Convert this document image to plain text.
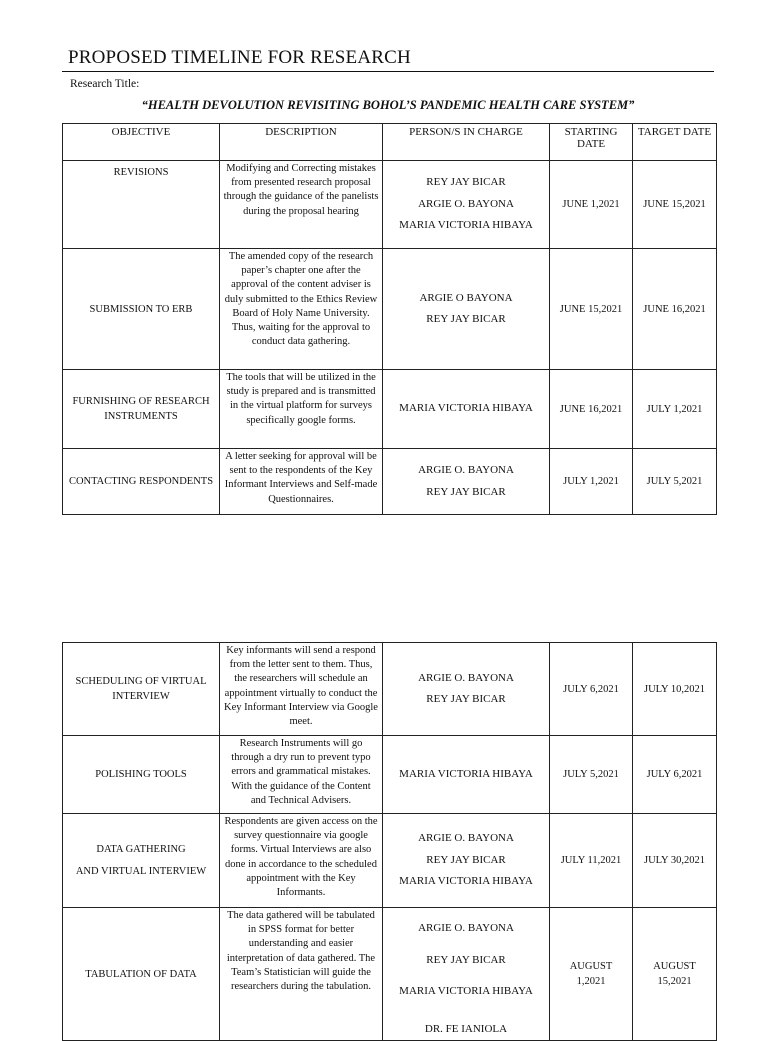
PROPOSED TIMELINE FOR RESEARCH
Research Title:
“HEALTH DEVOLUTION REVISITING BOHOL’S PANDEMIC HEALTH CARE SYSTEM”
OBJECTIVE	DESCRIPTION	PERSON/S IN CHARGE	STARTING DATE	TARGET DATE

REVISIONS	Modifying and Correcting mistakes from presented research proposal through the guidance of the panelists during the proposal hearing	REY JAY BICAR
ARGIE O. BAYONA
MARIA VICTORIA HIBAYA	JUNE 1,2021	JUNE 15,2021

SUBMISSION TO ERB	The amended copy of the research paper’s chapter one after the approval of the content adviser is duly submitted to the Ethics Review Board of Holy Name University. Thus, waiting for the approval to conduct data gathering.	ARGIE O BAYONA
REY JAY BICAR	JUNE 15,2021	JUNE 16,2021

FURNISHING OF RESEARCH INSTRUMENTS	The tools that will be utilized in the study is prepared and is transmitted in the virtual platform for surveys specifically google forms.	MARIA VICTORIA HIBAYA	JUNE 16,2021	JULY 1,2021

CONTACTING RESPONDENTS	A letter seeking for approval will be sent to the respondents of the Key Informant Interviews and Self-made Questionnaires.	ARGIE O. BAYONA
REY JAY BICAR	JULY 1,2021	JULY 5,2021
SCHEDULING OF VIRTUAL INTERVIEW	Key informants will send a respond from the letter sent to them. Thus, the researchers will schedule an appointment virtually to conduct the Key Informant Interview via Google meet.	ARGIE O. BAYONA
REY JAY BICAR	JULY 6,2021	JULY 10,2021

POLISHING TOOLS	Research Instruments will go through a dry run to prevent typo errors and grammatical mistakes. With the guidance of the Content and Technical Advisers.	MARIA VICTORIA HIBAYA	JULY 5,2021	JULY 6,2021

DATA GATHERING
AND VIRTUAL INTERVIEW	Respondents are given access on the survey questionnaire via google forms. Virtual Interviews are also done in accordance to the scheduled appointment with the Key Informants.	ARGIE O. BAYONA
REY JAY BICAR
MARIA VICTORIA HIBAYA	JULY 11,2021	JULY 30,2021

TABULATION OF DATA	The data gathered will be tabulated in SPSS format for better understanding and easier interpretation of data gathered. The Team’s Statistician will guide the researchers during the tabulation.	ARGIE O. BAYONA
REY JAY BICAR
MARIA VICTORIA HIBAYA
DR. FE IANIOLA	AUGUST 1,2021	AUGUST 15,2021
